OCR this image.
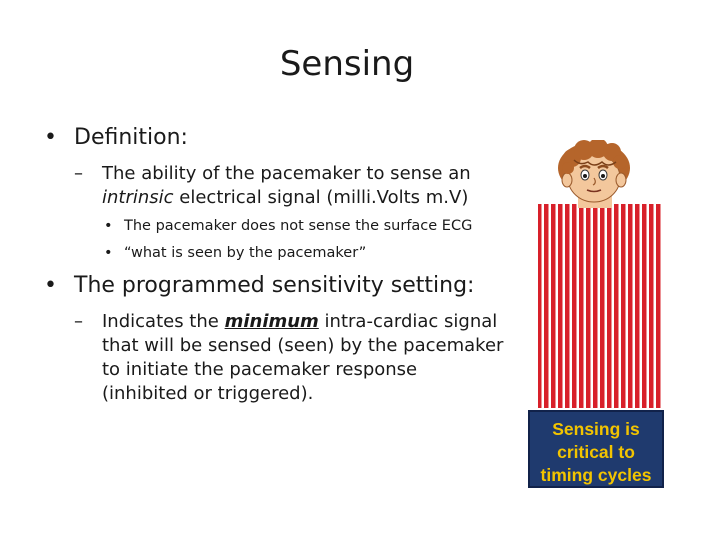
Sensing
• Definition:
– The ability of the pacemaker to sense an
intrinsic electrical signal (milli.Volts m.V)
• The pacemaker does not sense the surface ECG
• “what is seen by the pacemaker”
• The programmed sensitivity setting:
– Indicates the minimum intra-cardiac signal
that will be sensed (seen) by the pacemaker
to initiate the pacemaker response
(inhibited or triggered).
Sensing is
critical to
timing cycles
